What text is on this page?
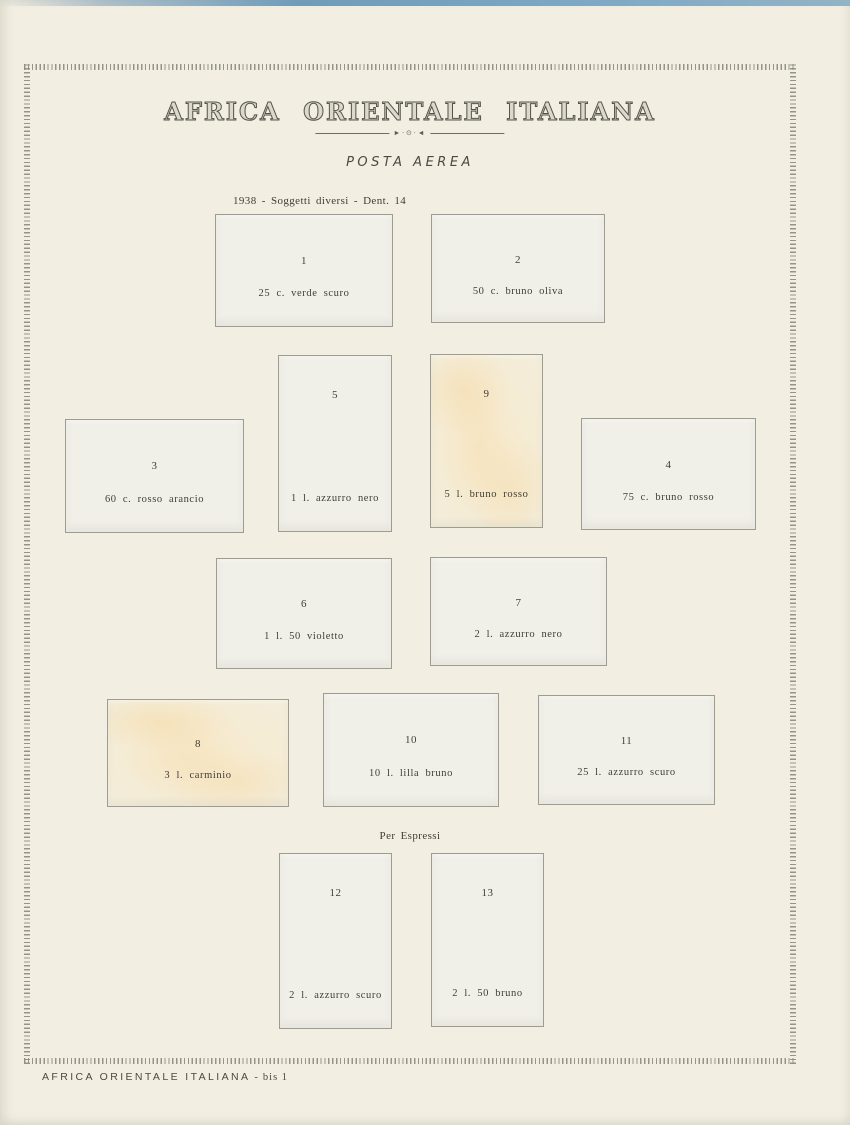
AFRICA ORIENTALE ITALIANA
►∙⊙∙◄
POSTA AEREA
1938 - Soggetti diversi - Dent. 14
1
25 c. verde scuro
2
50 c. bruno oliva
3
60 c. rosso arancio
5
1 l. azzurro nero
9
5 l. bruno rosso
4
75 c. bruno rosso
6
1 l. 50 violetto
7
2 l. azzurro nero
8
3 l. carminio
10
10 l. lilla bruno
11
25 l. azzurro scuro
Per Espressi
12
2 l. azzurro scuro
13
2 l. 50 bruno
AFRICA ORIENTALE ITALIANA - bis 1
